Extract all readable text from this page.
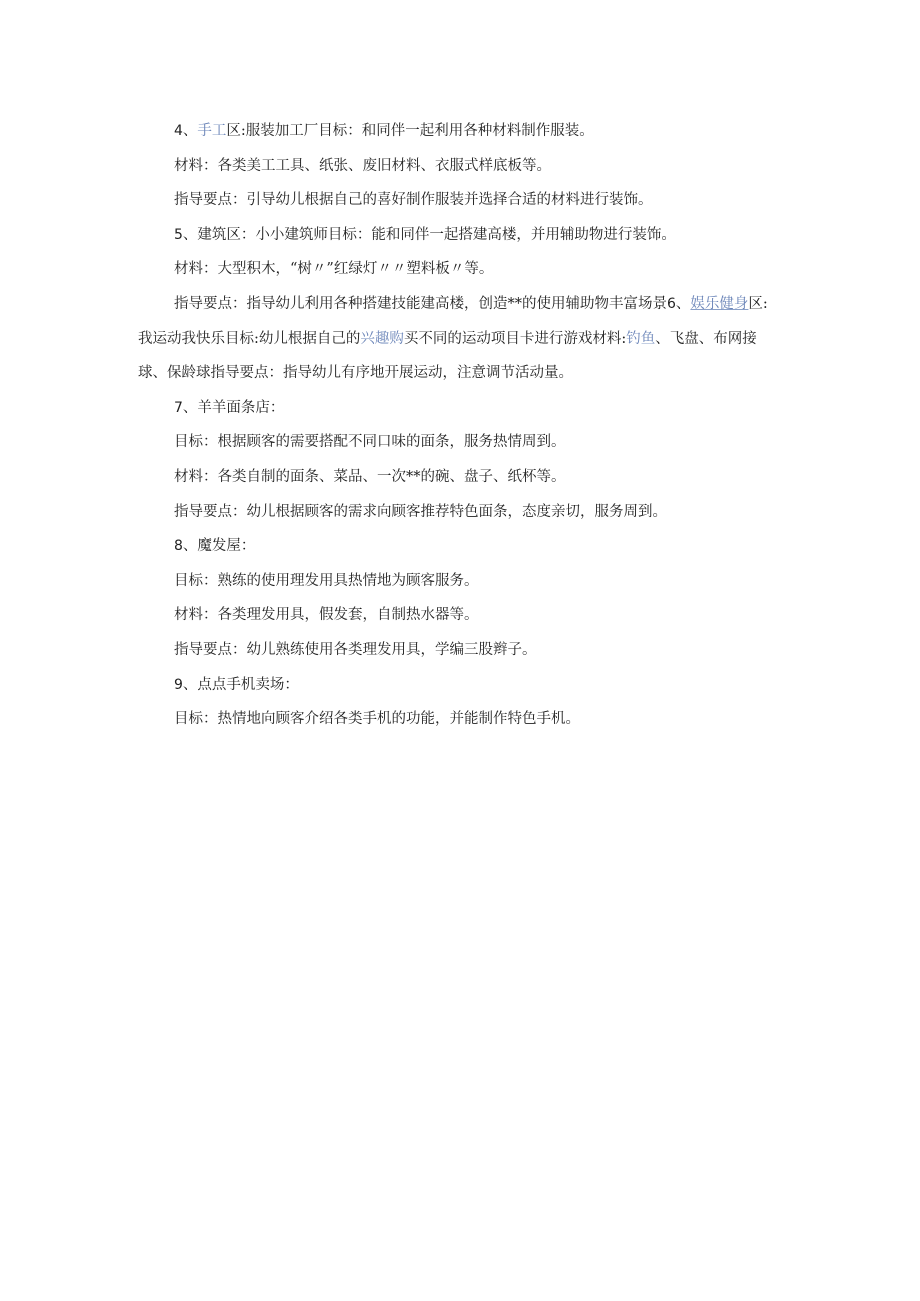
4、手工区:服装加工厂目标：和同伴一起利用各种材料制作服装。

材料：各类美工工具、纸张、废旧材料、衣服式样底板等。

指导要点：引导幼儿根据自己的喜好制作服装并选择合适的材料进行装饰。

5、建筑区：小小建筑师目标：能和同伴一起搭建高楼，并用辅助物进行装饰。

材料：大型积木，“树〃”红绿灯〃〃塑料板〃等。

指导要点：指导幼儿利用各种搭建技能建高楼，创造**的使用辅助物丰富场景6、娱乐健身区:我运动我快乐目标:幼儿根据自己的兴趣购买不同的运动项目卡进行游戏材料:钓鱼、飞盘、布网接球、保龄球指导要点：指导幼儿有序地开展运动，注意调节活动量。

7、羊羊面条店：

目标：根据顾客的需要搭配不同口味的面条，服务热情周到。

材料：各类自制的面条、菜品、一次**的碗、盘子、纸杯等。

指导要点：幼儿根据顾客的需求向顾客推荐特色面条，态度亲切，服务周到。

8、魔发屋：

目标：熟练的使用理发用具热情地为顾客服务。

材料：各类理发用具，假发套，自制热水器等。

指导要点：幼儿熟练使用各类理发用具，学编三股辫子。

9、点点手机卖场：

目标：热情地向顾客介绍各类手机的功能，并能制作特色手机。
